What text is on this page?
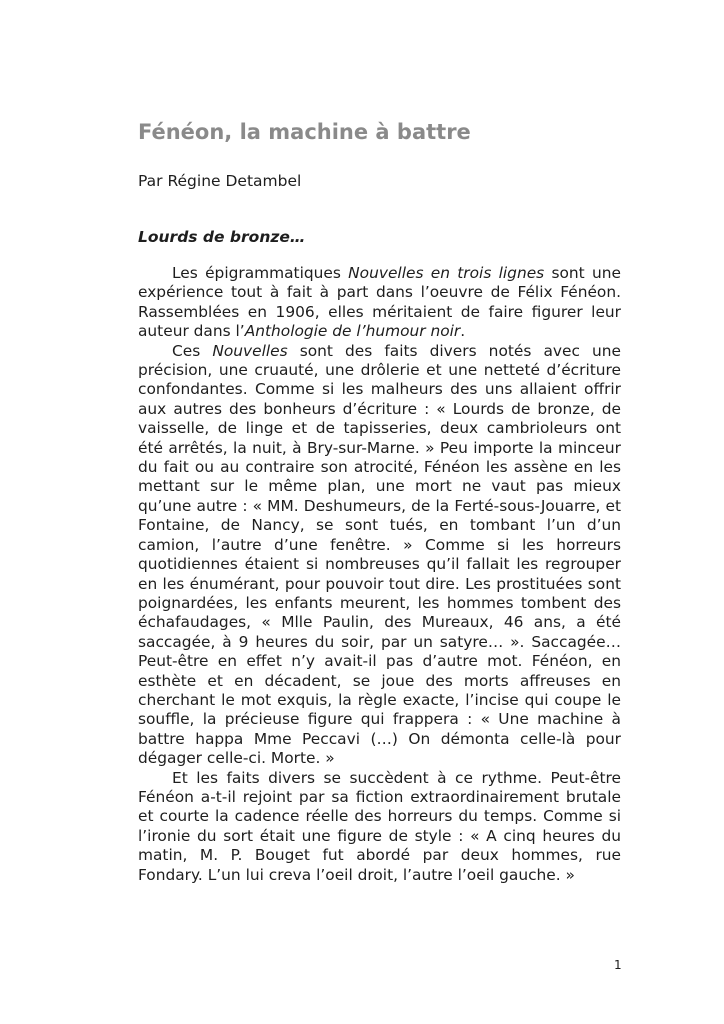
Fénéon, la machine à battre

Par Régine Detambel

Lourds de bronze…

Les épigrammatiques Nouvelles en trois lignes sont une expérience tout à fait à part dans l’oeuvre de Félix Fénéon. Rassemblées en 1906, elles méritaient de faire figurer leur auteur dans l’Anthologie de l’humour noir.

Ces Nouvelles sont des faits divers notés avec une précision, une cruauté, une drôlerie et une netteté d’écriture confondantes. Comme si les malheurs des uns allaient offrir aux autres des bonheurs d’écriture : « Lourds de bronze, de vaisselle, de linge et de tapisseries, deux cambrioleurs ont été arrêtés, la nuit, à Bry-sur-Marne. » Peu importe la minceur du fait ou au contraire son atrocité, Fénéon les assène en les mettant sur le même plan, une mort ne vaut pas mieux qu’une autre : « MM. Deshumeurs, de la Ferté-sous-Jouarre, et Fontaine, de Nancy, se sont tués, en tombant l’un d’un camion, l’autre d’une fenêtre. » Comme si les horreurs quotidiennes étaient si nombreuses qu’il fallait les regrouper en les énumérant, pour pouvoir tout dire. Les prostituées sont poignardées, les enfants meurent, les hommes tombent des échafaudages, « Mlle Paulin, des Mureaux, 46 ans, a été saccagée, à 9 heures du soir, par un satyre… ». Saccagée… Peut-être en effet n’y avait-il pas d’autre mot. Fénéon, en esthète et en décadent, se joue des morts affreuses en cherchant le mot exquis, la règle exacte, l’incise qui coupe le souffle, la précieuse figure qui frappera : « Une machine à battre happa Mme Peccavi (…) On démonta celle-là pour dégager celle-ci. Morte. »

Et les faits divers se succèdent à ce rythme. Peut-être Fénéon a-t-il rejoint par sa fiction extraordinairement brutale et courte la cadence réelle des horreurs du temps. Comme si l’ironie du sort était une figure de style : « A cinq heures du matin, M. P. Bouget fut abordé par deux hommes, rue Fondary. L’un lui creva l’oeil droit, l’autre l’oeil gauche. »

1
